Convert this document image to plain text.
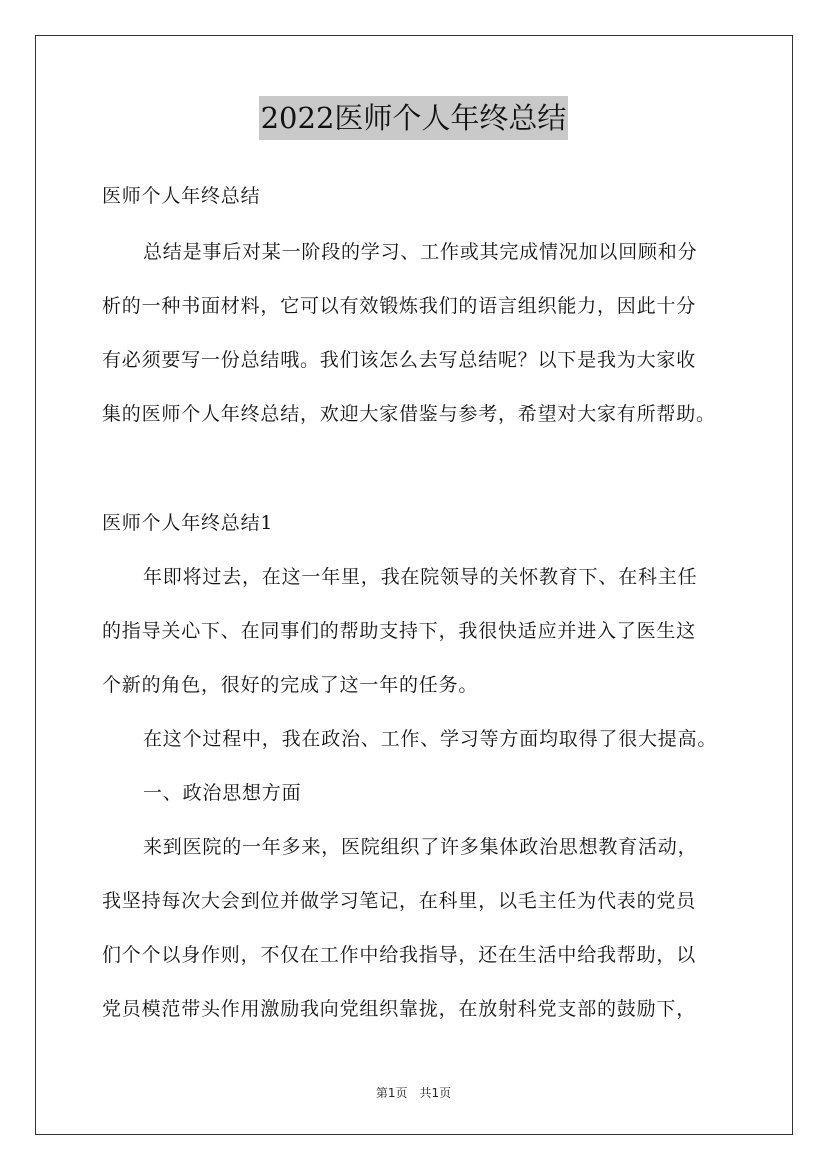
2022医师个人年终总结
医师个人年终总结
总结是事后对某一阶段的学习、工作或其完成情况加以回顾和分
析的一种书面材料，它可以有效锻炼我们的语言组织能力，因此十分
有必须要写一份总结哦。我们该怎么去写总结呢？以下是我为大家收
集的医师个人年终总结，欢迎大家借鉴与参考，希望对大家有所帮助。
医师个人年终总结1
年即将过去，在这一年里，我在院领导的关怀教育下、在科主任
的指导关心下、在同事们的帮助支持下，我很快适应并进入了医生这
个新的角色，很好的完成了这一年的任务。
在这个过程中，我在政治、工作、学习等方面均取得了很大提高。
一、政治思想方面
来到医院的一年多来，医院组织了许多集体政治思想教育活动，
我坚持每次大会到位并做学习笔记，在科里，以毛主任为代表的党员
们个个以身作则，不仅在工作中给我指导，还在生活中给我帮助，以
党员模范带头作用激励我向党组织靠拢，在放射科党支部的鼓励下，
第1页　共1页
